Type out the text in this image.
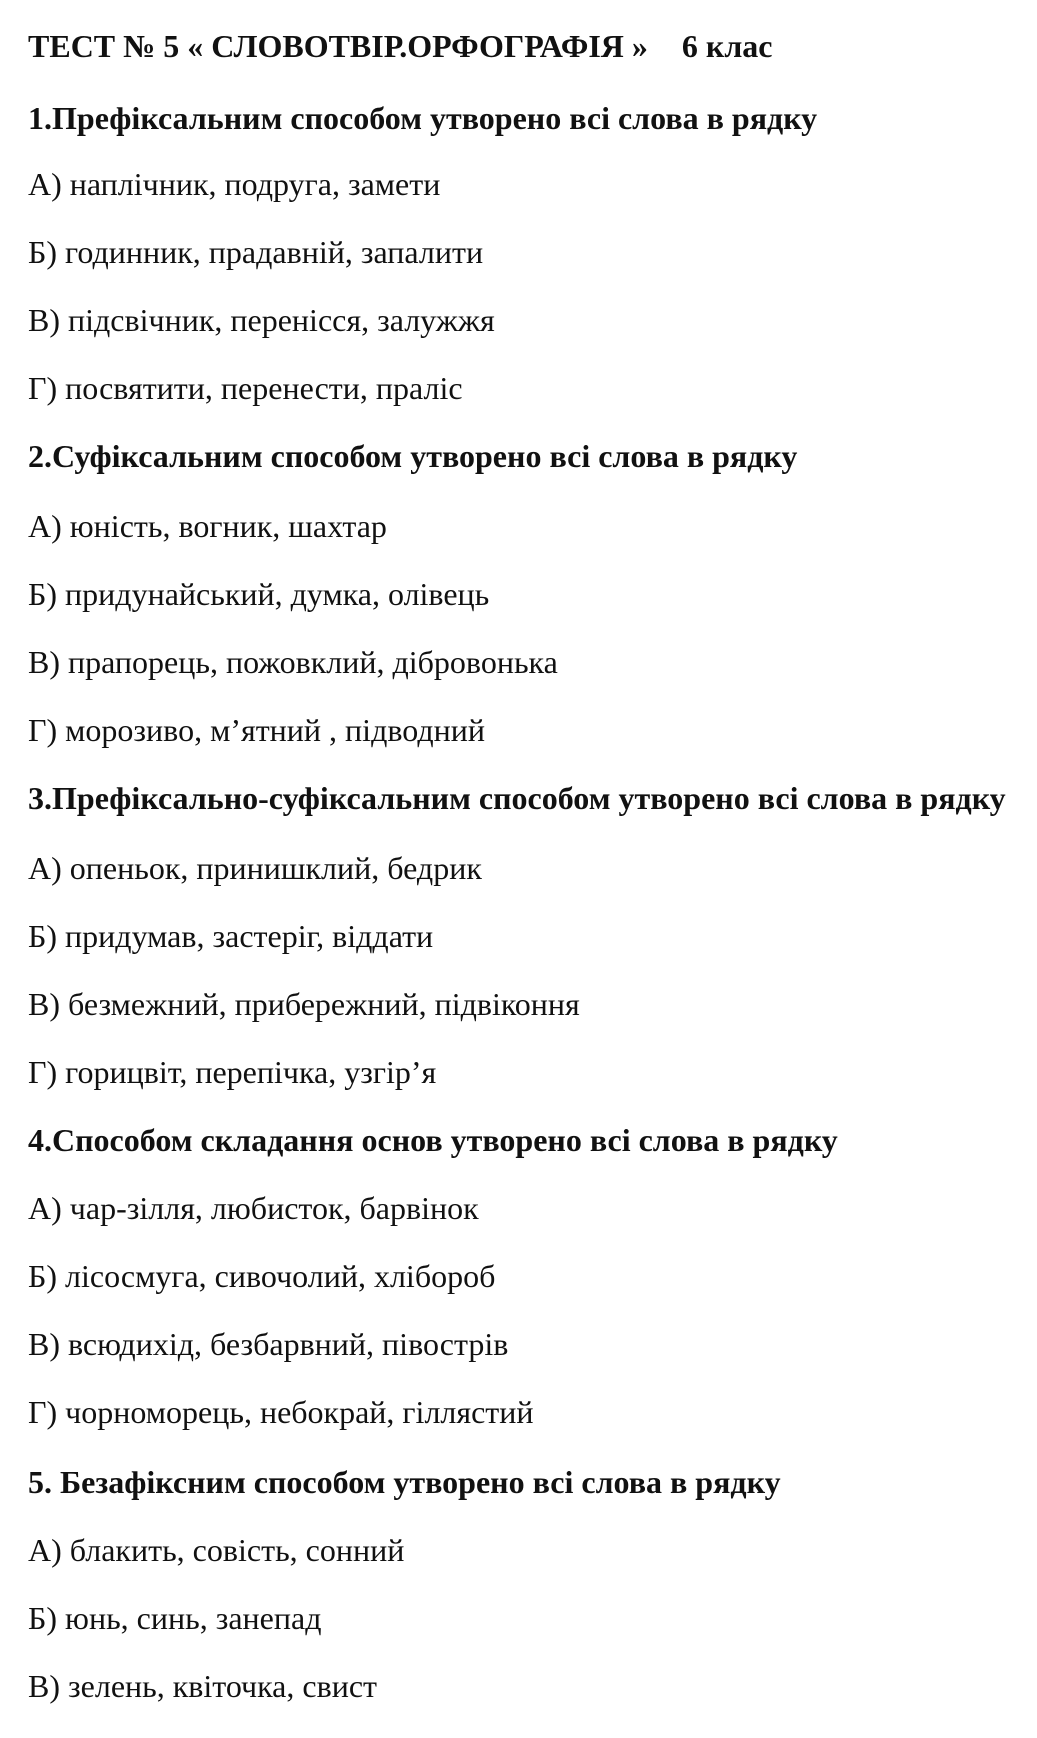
ТЕСТ № 5 « СЛОВОТВІР.ОРФОГРАФІЯ » 6 клас
1.Префіксальним способом утворено всі слова в рядку
А) наплічник, подруга, замети
Б) годинник, прадавній, запалити
В) підсвічник, перенісся, залужжя
Г) посвятити, перенести, праліс
2.Суфіксальним способом утворено всі слова в рядку
А) юність, вогник, шахтар
Б) придунайський, думка, олівець
В) прапорець, пожовклий, дібровонька
Г) морозиво, м’ятний , підводний
3.Префіксально-суфіксальним способом утворено всі слова в рядку
А) опеньок, принишклий, бедрик
Б) придумав, застеріг, віддати
В) безмежний, прибережний, підвіконня
Г) горицвіт, перепічка, узгір’я
4.Способом складання основ утворено всі слова в рядку
А) чар-зілля, любисток, барвінок
Б) лісосмуга, сивочолий, хлібороб
В) всюдихід, безбарвний, півострів
Г) чорноморець, небокрай, гіллястий
5. Безафіксним способом утворено всі слова в рядку
А) блакить, совість, сонний
Б) юнь, синь, занепад
В) зелень, квіточка, свист
